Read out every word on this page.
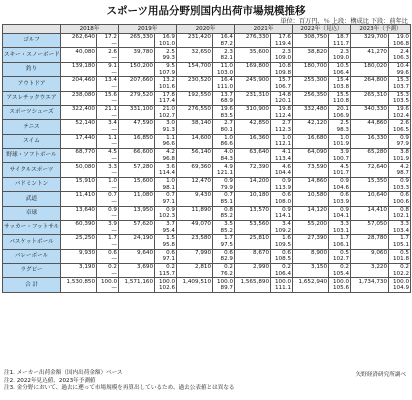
スポーツ用品分野別国内出荷市場規模推移
単位：百万円、％ 上段：構成比 下段：前年比
	2018年		2019年		2020年		2021年		2022年（見込）		2023年（予測）	
ゴルフ	262,640	17.2	265,330	16.9	231,420	16.4	276,330	17.6	308,750	18.7	329,700	19.0
		—		101.0		87.2		119.4		111.7		106.8
スキー・スノーボード	40,080	2.6	39,780	2.5	32,650	2.3	35,600	2.3	38,820	2.3	41,270	2.4
		—		99.3		82.1		109.0		109.0		106.3
釣り	139,180	9.1	150,200	9.5	154,700	11.0	169,800	10.8	180,700	10.5	180,020	10.4
		—		107.9		103.0		109.8		106.4		99.6
アウトドア	204,460	13.4	207,660	13.2	230,520	16.4	245,900	15.7	255,300	15.4	264,800	15.3
		—		101.6		111.0		106.7		103.8		103.7
アスレチックウエア	238,080	15.6	279,520	17.8	192,550	13.7	231,310	14.8	256,350	15.5	265,310	15.3
		—		117.4		68.9		120.1		110.8		103.5
スポーツシューズ	322,400	21.1	331,100	21.0	276,550	19.6	310,900	19.8	332,480	20.1	340,330	19.6
		—		102.7		83.5		112.4		106.9		102.4
テニス	52,140	3.4	47,590	3.0	38,140	2.7	42,850	2.7	42,120	2.5	44,860	2.6
		—		91.3		80.1		112.3		98.3		106.5
スイム	17,440	1.1	16,850	1.1	14,600	1.0	16,360	1.0	16,680	1.0	16,330	0.9
		—		96.6		86.6		112.1		101.9		97.9
野球・ソフトボール	68,770	4.5	66,600	4.2	56,140	4.0	63,640	4.1	64,090	3.9	65,280	3.8
		—		96.8		84.3		113.4		100.7		101.9
サイクルスポーツ	50,080	3.3	57,280	3.6	69,360	4.9	72,390	4.6	73,590	4.5	72,640	4.2
		—		114.4		121.1		104.4		101.7		98.7
バドミントン	15,910	1.0	15,600	1.0	12,470	0.9	14,200	0.9	14,860	0.9	15,350	0.9
		—		98.1		79.9		113.9		104.6		103.3
武道	11,410	0.7	11,080	0.7	9,430	0.7	10,180	0.6	10,580	0.6	10,640	0.6
		—		97.1		85.1		108.0		103.9		100.6
卓球	13,640	0.9	13,950	0.9	11,890	0.8	13,570	0.9	14,120	0.9	14,410	0.8
		—		102.3		85.2		114.1		104.1		102.1
サッカー・フットサル	60,390	3.9	57,620	3.7	49,070	3.5	53,560	3.4	55,200	3.3	57,050	3.3
		—		95.4		85.2		109.2		103.1		103.4
バスケットボール	25,250	1.7	24,190	1.5	23,580	1.7	25,810	1.6	27,390	1.7	28,780	1.7
		—		95.8		97.5		109.5		106.1		105.1
バレーボール	9,930	0.6	9,640	0.6	7,990	0.6	8,670	0.6	8,900	0.5	9,060	0.5
		—		97.1		82.9		108.5		102.7		101.8
ラグビー	3,190	0.2	3,690	0.2	2,810	0.2	2,990	0.2	3,150	0.2	3,220	0.2
		—		115.7		76.2		106.4		105.4		102.2
合 計	1,530,850	100.0	1,571,160	100.0	1,409,510	100.0	1,565,890	100.0	1,652,940	100.0	1,734,730	100.0
		—		102.6		89.7		111.1		105.6		104.9
注1. メーカー出荷金額（国内出荷金額）ベース
注2. 2022年見込値、2023年予測値
注3. 金分野において、過去に遡って市場規模を再算出しているため、過去公表値とは異なる
矢野経済研究所調べ
